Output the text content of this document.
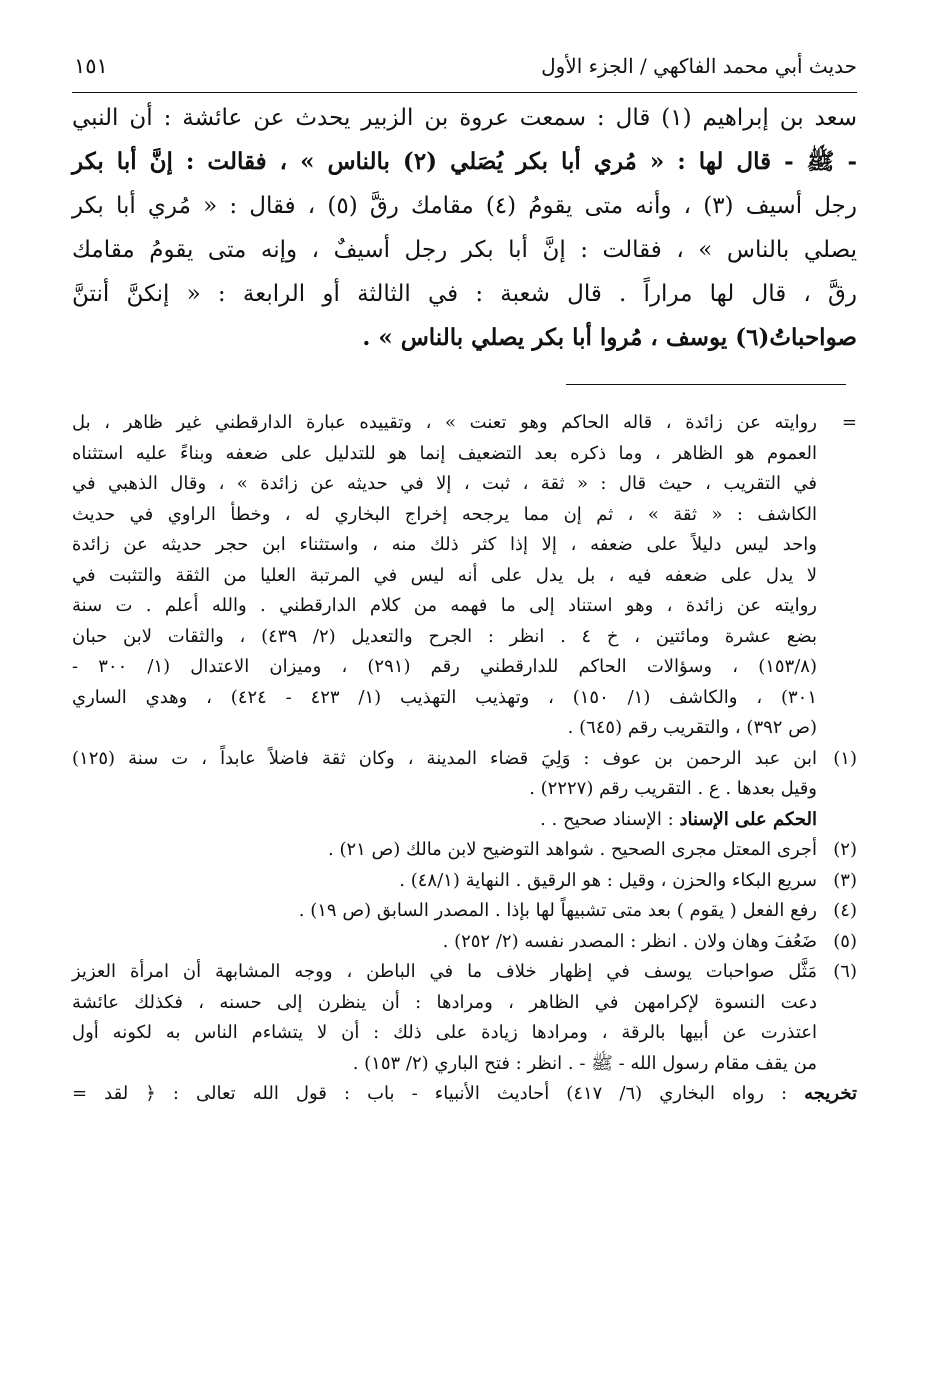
حديث أبي محمد الفاكهي / الجزء الأول
١٥١
سعد بن إبراهيم (١) قال : سمعت عروة بن الزبير يحدث عن عائشة : أن النبي
- ﷺ - قال لها : « مُري أبا بكر يُصَلي (٢) بالناس » ، فقالت : إنَّ أبا بكر
رجل أسيف (٣) ، وأنه متى يقومُ (٤) مقامك رقَّ (٥) ، فقال : « مُري أبا بكر
يصلي بالناس » ، فقالت : إنَّ أبا بكر رجل أسيفٌ ، وإنه متى يقومُ مقامك
رقَّ ، قال لها مراراً . قال شعبة : في الثالثة أو الرابعة : « إنكنَّ أنتنَّ
صواحباتُ(٦) يوسف ، مُروا أبا بكر يصلي بالناس » .
=
روايته عن زائدة ، قاله الحاكم وهو تعنت » ، وتقييده عبارة الدارقطني غير ظاهر ، بل
العموم هو الظاهر ، وما ذكره بعد التضعيف إنما هو للتدليل على ضعفه وبناءً عليه استثناه
في التقريب ، حيث قال : « ثقة ، ثبت ، إلا في حديثه عن زائدة » ، وقال الذهبي في
الكاشف : « ثقة » ، ثم إن مما يرجحه إخراج البخاري له ، وخطأ الراوي في حديث
واحد ليس دليلاً على ضعفه ، إلا إذا كثر ذلك منه ، واستثناء ابن حجر حديثه عن زائدة
لا يدل على ضعفه فيه ، بل يدل على أنه ليس في المرتبة العليا من الثقة والتثبت في
روايته عن زائدة ، وهو استناد إلى ما فهمه من كلام الدارقطني . والله أعلم . ت سنة
بضع عشرة ومائتين ، خ ٤ . انظر : الجرح والتعديل (٢/ ٤٣٩) ، والثقات لابن حبان
(١٥٣/٨) ، وسؤالات الحاكم للدارقطني رقم (٢٩١) ، وميزان الاعتدال (١/ ٣٠٠ -
٣٠١) ، والكاشف (١/ ١٥٠) ، وتهذيب التهذيب (١/ ٤٢٣ - ٤٢٤) ، وهدي الساري
(ص ٣٩٢) ، والتقريب رقم (٦٤٥) .
(١)
ابن عبد الرحمن بن عوف : وَلِيَ قضاء المدينة ، وكان ثقة فاضلاً عابداً ، ت سنة (١٢٥)
وقيل بعدها . ع . التقريب رقم (٢٢٢٧) .
الحكم على الإسناد : الإسناد صحيح . .
(٢)
أجرى المعتل مجرى الصحيح . شواهد التوضيح لابن مالك (ص ٢١) .
(٣)
سريع البكاء والحزن ، وقيل : هو الرقيق . النهاية (٤٨/١) .
(٤)
رفع الفعل ( يقوم ) بعد متى تشبيهاً لها بإذا . المصدر السابق (ص ١٩) .
(٥)
ضَعُفَ وهان ولان . انظر : المصدر نفسه (٢/ ٢٥٢) .
(٦)
مَثَّل صواحبات يوسف في إظهار خلاف ما في الباطن ، ووجه المشابهة أن امرأة العزيز
دعت النسوة لإكرامهن في الظاهر ، ومرادها : أن ينظرن إلى حسنه ، فكذلك عائشة
اعتذرت عن أبيها بالرقة ، ومرادها زيادة على ذلك : أن لا يتشاءم الناس به لكونه أول
من يقف مقام رسول الله - ﷺ - . انظر : فتح الباري (٢/ ١٥٣) .
تخريجه : رواه البخاري (٦/ ٤١٧) أحاديث الأنبياء - باب : قول الله تعالى : ﴿ لقد =
